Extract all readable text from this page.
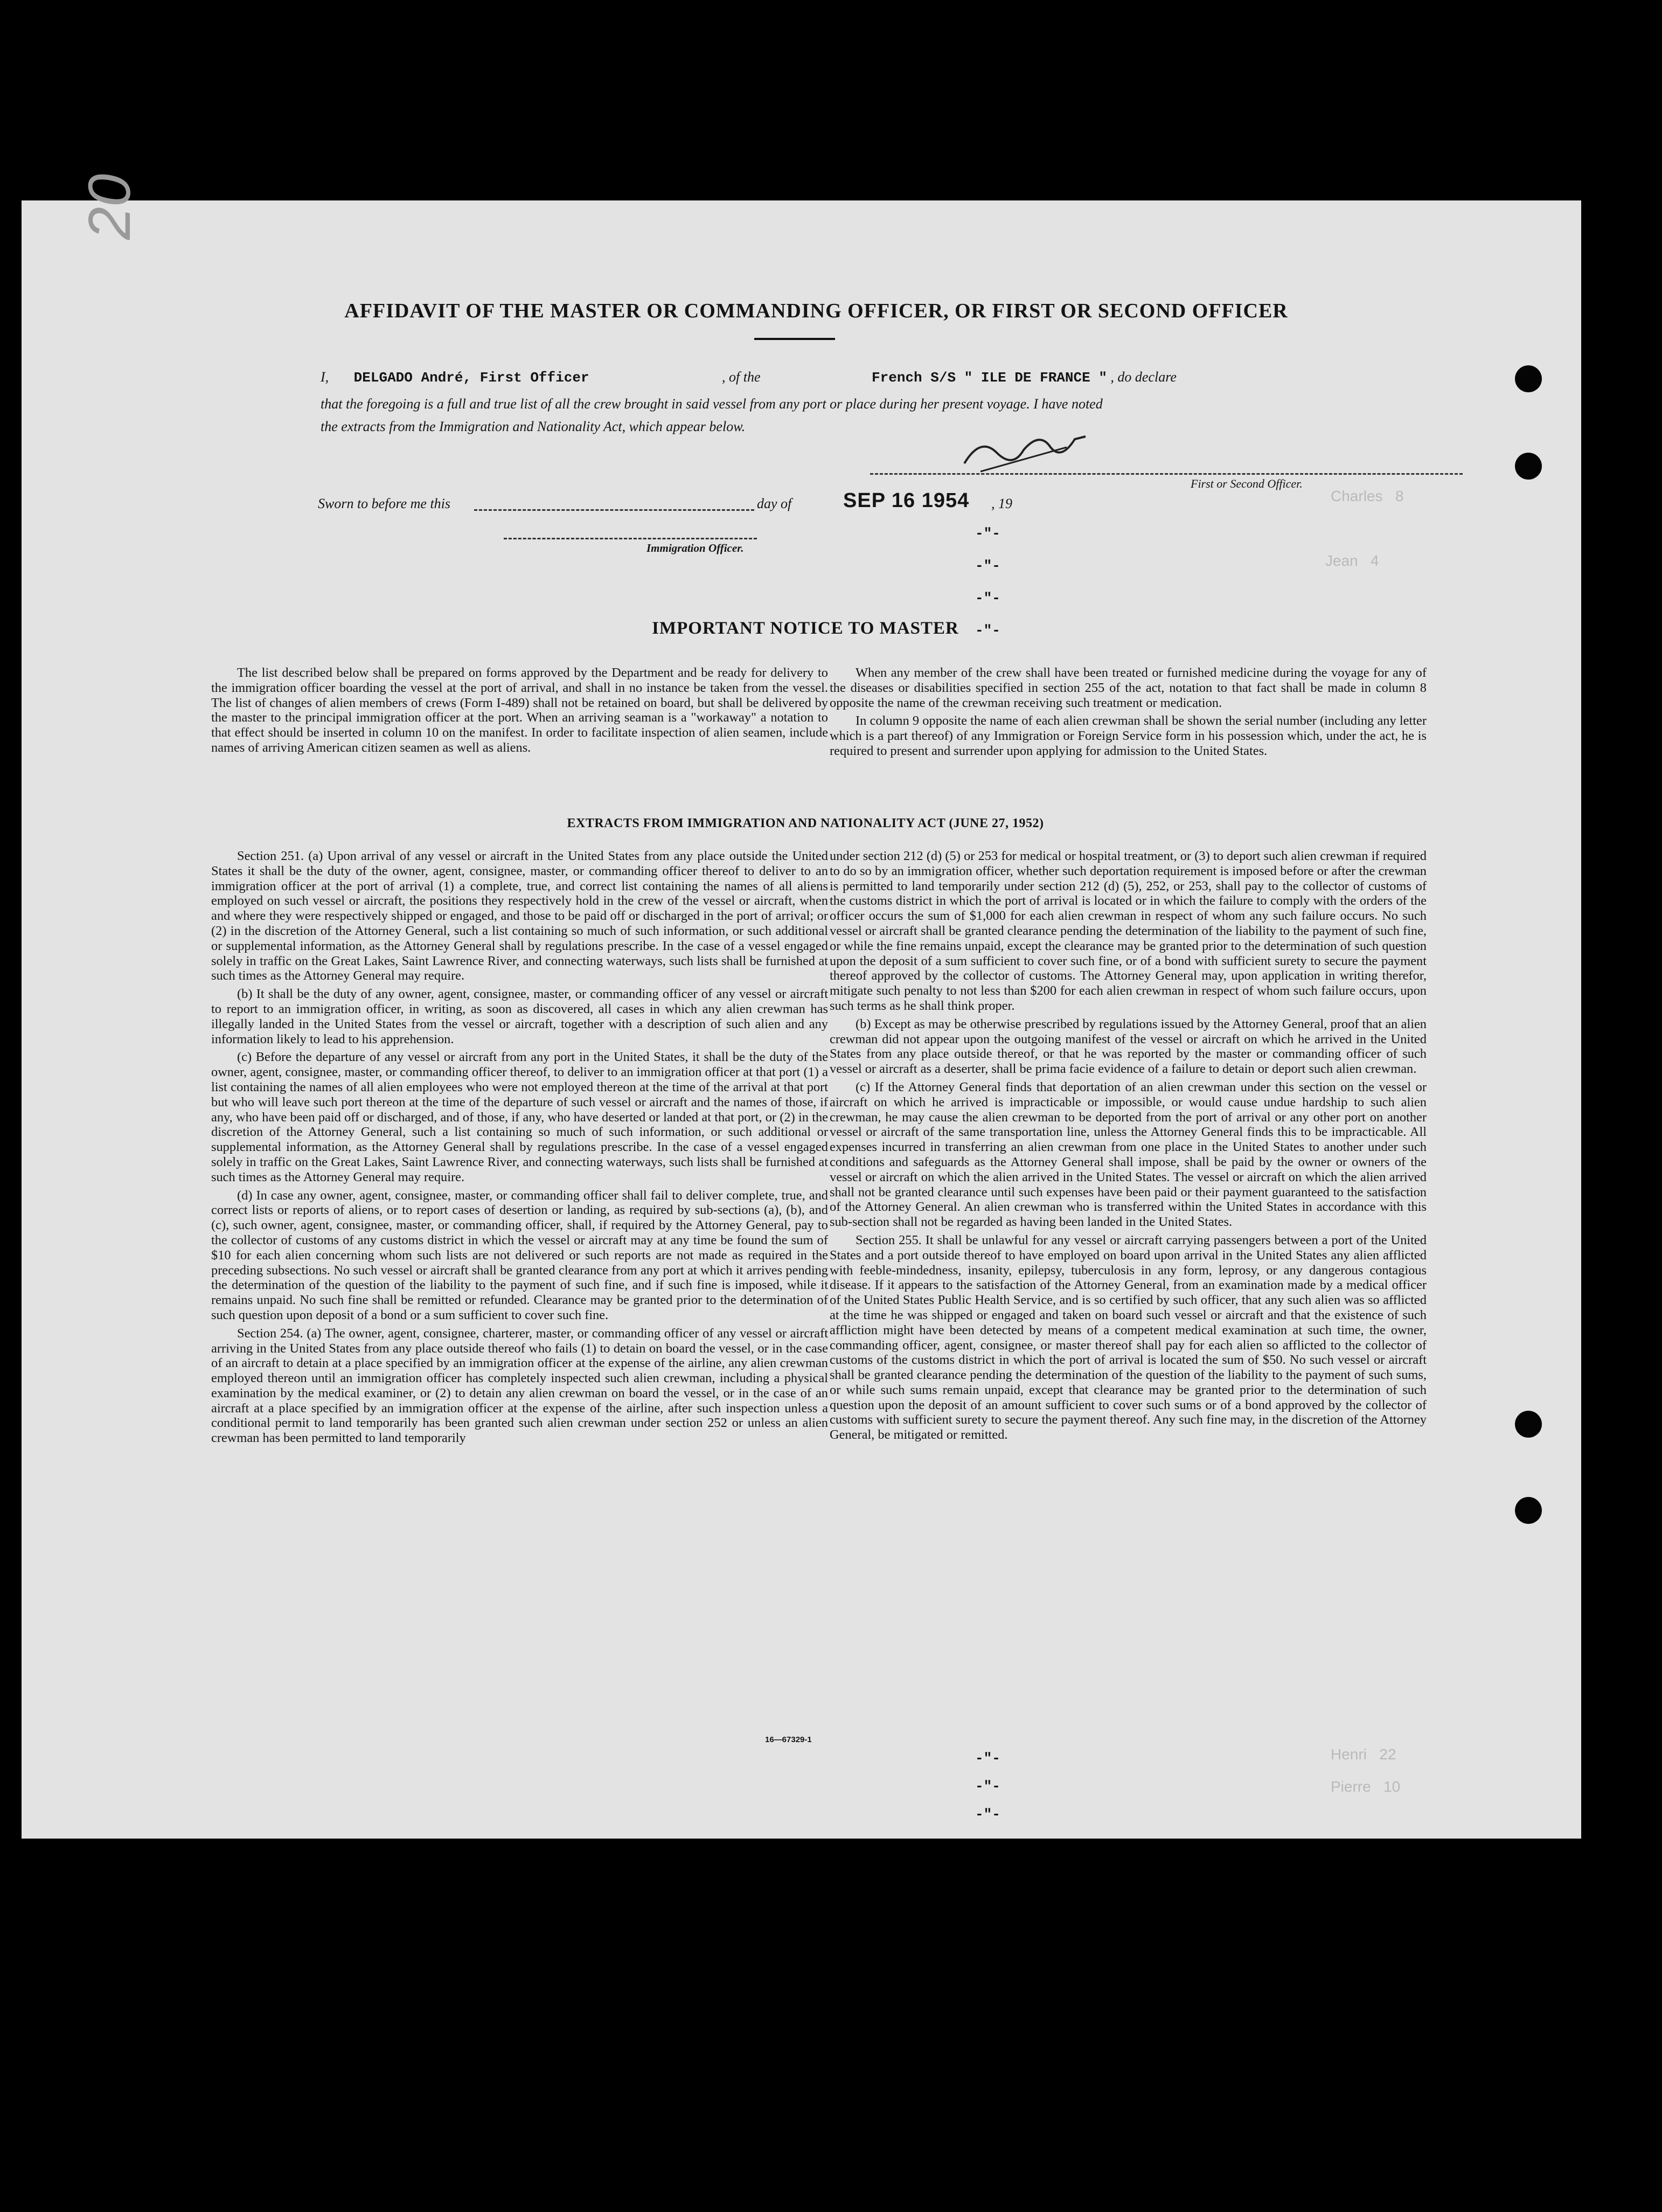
20
Charles   8
Jean   4
Henri   22
Pierre   10
AFFIDAVIT OF THE MASTER OR COMMANDING OFFICER, OR FIRST OR SECOND OFFICER
I, DELGADO André, First Officer	, of the	French S/S " ILE DE FRANCE " , do declare
that the foregoing is a full and true list of all the crew brought in said vessel from any port or place during her present voyage. I have noted
the extracts from the Immigration and Nationality Act, which appear below.
First or Second Officer.
Sworn to before me this	day of	SEP 16 1954 , 19
Immigration Officer.
-"-
-"-
-"-
-"-
-"-
-"-
-"-
IMPORTANT NOTICE TO MASTER

The list described below shall be prepared on forms approved by the Department and be ready for delivery to the immigration officer boarding the vessel at the port of arrival, and shall in no instance be taken from the vessel. The list of changes of alien members of crews (Form I-489) shall not be retained on board, but shall be delivered by the master to the principal immigration officer at the port. When an arriving seaman is a "workaway" a notation to that effect should be inserted in column 10 on the manifest. In order to facilitate inspection of alien seamen, include names of arriving American citizen seamen as well as aliens.

When any member of the crew shall have been treated or furnished medicine during the voyage for any of the diseases or disabilities specified in section 255 of the act, notation to that fact shall be made in column 8 opposite the name of the crewman receiving such treatment or medication.

In column 9 opposite the name of each alien crewman shall be shown the serial number (including any letter which is a part thereof) of any Immigration or Foreign Service form in his possession which, under the act, he is required to present and surrender upon applying for admission to the United States.

EXTRACTS FROM IMMIGRATION AND NATIONALITY ACT (JUNE 27, 1952)

Section 251. (a) Upon arrival of any vessel or aircraft in the United States from any place outside the United States it shall be the duty of the owner, agent, consignee, master, or commanding officer thereof to deliver to an immigration officer at the port of arrival (1) a complete, true, and correct list containing the names of all aliens employed on such vessel or aircraft, the positions they respectively hold in the crew of the vessel or aircraft, when and where they were respectively shipped or engaged, and those to be paid off or discharged in the port of arrival; or (2) in the discretion of the Attorney General, such a list containing so much of such information, or such additional or supplemental information, as the Attorney General shall by regulations prescribe. In the case of a vessel engaged solely in traffic on the Great Lakes, Saint Lawrence River, and connecting waterways, such lists shall be furnished at such times as the Attorney General may require.

(b) It shall be the duty of any owner, agent, consignee, master, or commanding officer of any vessel or aircraft to report to an immigration officer, in writing, as soon as discovered, all cases in which any alien crewman has illegally landed in the United States from the vessel or aircraft, together with a description of such alien and any information likely to lead to his apprehension.

(c) Before the departure of any vessel or aircraft from any port in the United States, it shall be the duty of the owner, agent, consignee, master, or commanding officer thereof, to deliver to an immigration officer at that port (1) a list containing the names of all alien employees who were not employed thereon at the time of the arrival at that port but who will leave such port thereon at the time of the departure of such vessel or aircraft and the names of those, if any, who have been paid off or discharged, and of those, if any, who have deserted or landed at that port, or (2) in the discretion of the Attorney General, such a list containing so much of such information, or such additional or supplemental information, as the Attorney General shall by regulations prescribe. In the case of a vessel engaged solely in traffic on the Great Lakes, Saint Lawrence River, and connecting waterways, such lists shall be furnished at such times as the Attorney General may require.

(d) In case any owner, agent, consignee, master, or commanding officer shall fail to deliver complete, true, and correct lists or reports of aliens, or to report cases of desertion or landing, as required by sub-sections (a), (b), and (c), such owner, agent, consignee, master, or commanding officer, shall, if required by the Attorney General, pay to the collector of customs of any customs district in which the vessel or aircraft may at any time be found the sum of $10 for each alien concerning whom such lists are not delivered or such reports are not made as required in the preceding subsections. No such vessel or aircraft shall be granted clearance from any port at which it arrives pending the determination of the question of the liability to the payment of such fine, and if such fine is imposed, while it remains unpaid. No such fine shall be remitted or refunded. Clearance may be granted prior to the determination of such question upon deposit of a bond or a sum sufficient to cover such fine.

Section 254. (a) The owner, agent, consignee, charterer, master, or commanding officer of any vessel or aircraft arriving in the United States from any place outside thereof who fails (1) to detain on board the vessel, or in the case of an aircraft to detain at a place specified by an immigration officer at the expense of the airline, any alien crewman employed thereon until an immigration officer has completely inspected such alien crewman, including a physical examination by the medical examiner, or (2) to detain any alien crewman on board the vessel, or in the case of an aircraft at a place specified by an immigration officer at the expense of the airline, after such inspection unless a conditional permit to land temporarily has been granted such alien crewman under section 252 or unless an alien crewman has been permitted to land temporarily

under section 212 (d) (5) or 253 for medical or hospital treatment, or (3) to deport such alien crewman if required to do so by an immigration officer, whether such deportation requirement is imposed before or after the crewman is permitted to land temporarily under section 212 (d) (5), 252, or 253, shall pay to the collector of customs of the customs district in which the port of arrival is located or in which the failure to comply with the orders of the officer occurs the sum of $1,000 for each alien crewman in respect of whom any such failure occurs. No such vessel or aircraft shall be granted clearance pending the determination of the liability to the payment of such fine, or while the fine remains unpaid, except the clearance may be granted prior to the determination of such question upon the deposit of a sum sufficient to cover such fine, or of a bond with sufficient surety to secure the payment thereof approved by the collector of customs. The Attorney General may, upon application in writing therefor, mitigate such penalty to not less than $200 for each alien crewman in respect of whom such failure occurs, upon such terms as he shall think proper.

(b) Except as may be otherwise prescribed by regulations issued by the Attorney General, proof that an alien crewman did not appear upon the outgoing manifest of the vessel or aircraft on which he arrived in the United States from any place outside thereof, or that he was reported by the master or commanding officer of such vessel or aircraft as a deserter, shall be prima facie evidence of a failure to detain or deport such alien crewman.

(c) If the Attorney General finds that deportation of an alien crewman under this section on the vessel or aircraft on which he arrived is impracticable or impossible, or would cause undue hardship to such alien crewman, he may cause the alien crewman to be deported from the port of arrival or any other port on another vessel or aircraft of the same transportation line, unless the Attorney General finds this to be impracticable. All expenses incurred in transferring an alien crewman from one place in the United States to another under such conditions and safeguards as the Attorney General shall impose, shall be paid by the owner or owners of the vessel or aircraft on which the alien arrived in the United States. The vessel or aircraft on which the alien arrived shall not be granted clearance until such expenses have been paid or their payment guaranteed to the satisfaction of the Attorney General. An alien crewman who is transferred within the United States in accordance with this sub-section shall not be regarded as having been landed in the United States.

Section 255. It shall be unlawful for any vessel or aircraft carrying passengers between a port of the United States and a port outside thereof to have employed on board upon arrival in the United States any alien afflicted with feeble-mindedness, insanity, epilepsy, tuberculosis in any form, leprosy, or any dangerous contagious disease. If it appears to the satisfaction of the Attorney General, from an examination made by a medical officer of the United States Public Health Service, and is so certified by such officer, that any such alien was so afflicted at the time he was shipped or engaged and taken on board such vessel or aircraft and that the existence of such affliction might have been detected by means of a competent medical examination at such time, the owner, commanding officer, agent, consignee, or master thereof shall pay for each alien so afflicted to the collector of customs of the customs district in which the port of arrival is located the sum of $50. No such vessel or aircraft shall be granted clearance pending the determination of the question of the liability to the payment of such sums, or while such sums remain unpaid, except that clearance may be granted prior to the determination of such question upon the deposit of an amount sufficient to cover such sums or of a bond approved by the collector of customs with sufficient surety to secure the payment thereof. Any such fine may, in the discretion of the Attorney General, be mitigated or remitted.

16—67329-1
